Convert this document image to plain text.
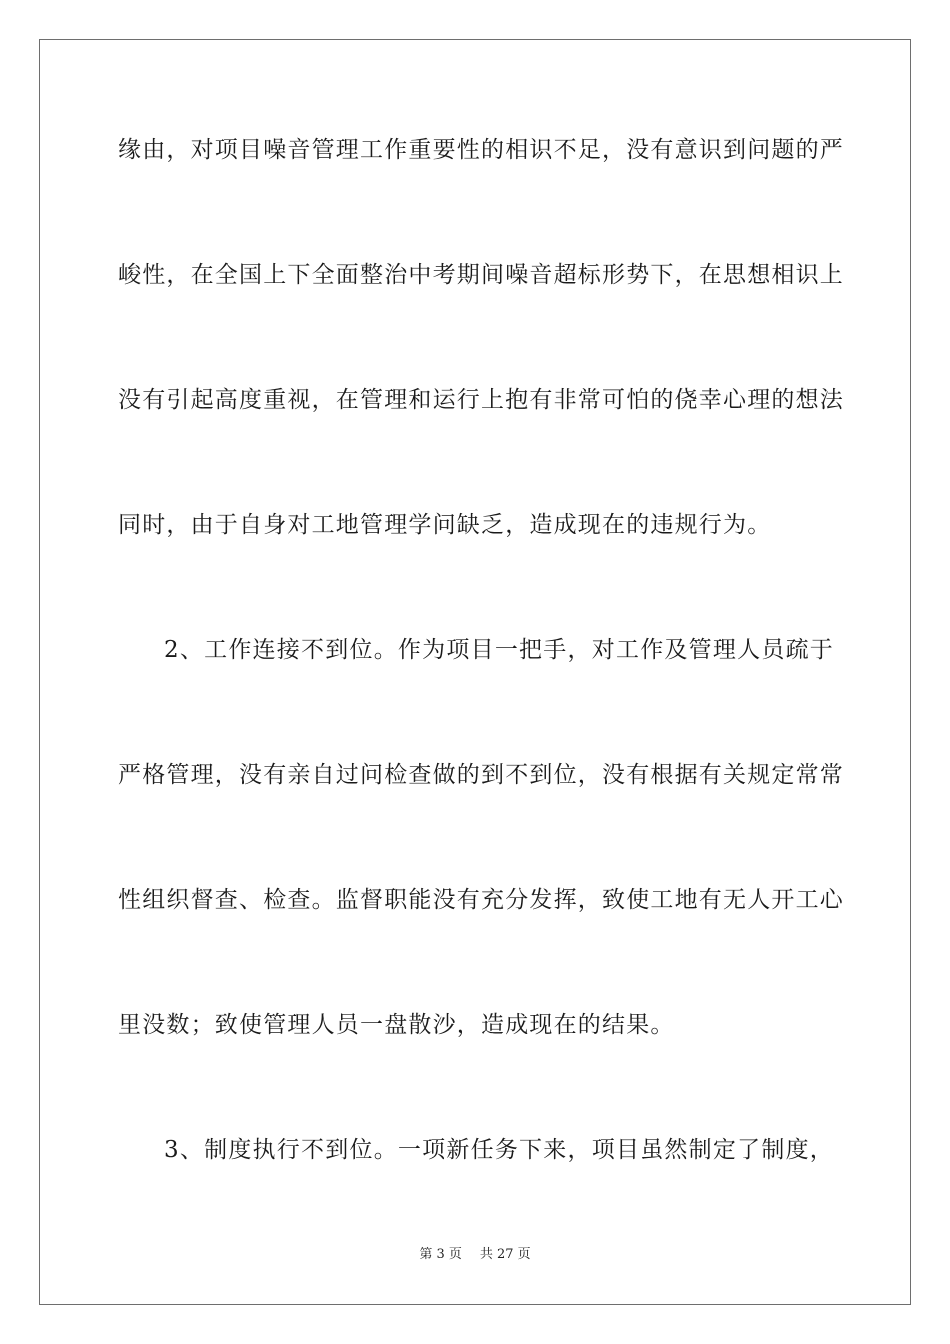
缘由，对项目噪音管理工作重要性的相识不足，没有意识到问题的严
峻性，在全国上下全面整治中考期间噪音超标形势下，在思想相识上
没有引起高度重视，在管理和运行上抱有非常可怕的侥幸心理的想法
同时，由于自身对工地管理学问缺乏，造成现在的违规行为。
2、工作连接不到位。作为项目一把手，对工作及管理人员疏于
严格管理，没有亲自过问检查做的到不到位，没有根据有关规定常常
性组织督查、检查。监督职能没有充分发挥，致使工地有无人开工心
里没数；致使管理人员一盘散沙，造成现在的结果。
3、制度执行不到位。一项新任务下来，项目虽然制定了制度，
第 3 页 共 27 页
